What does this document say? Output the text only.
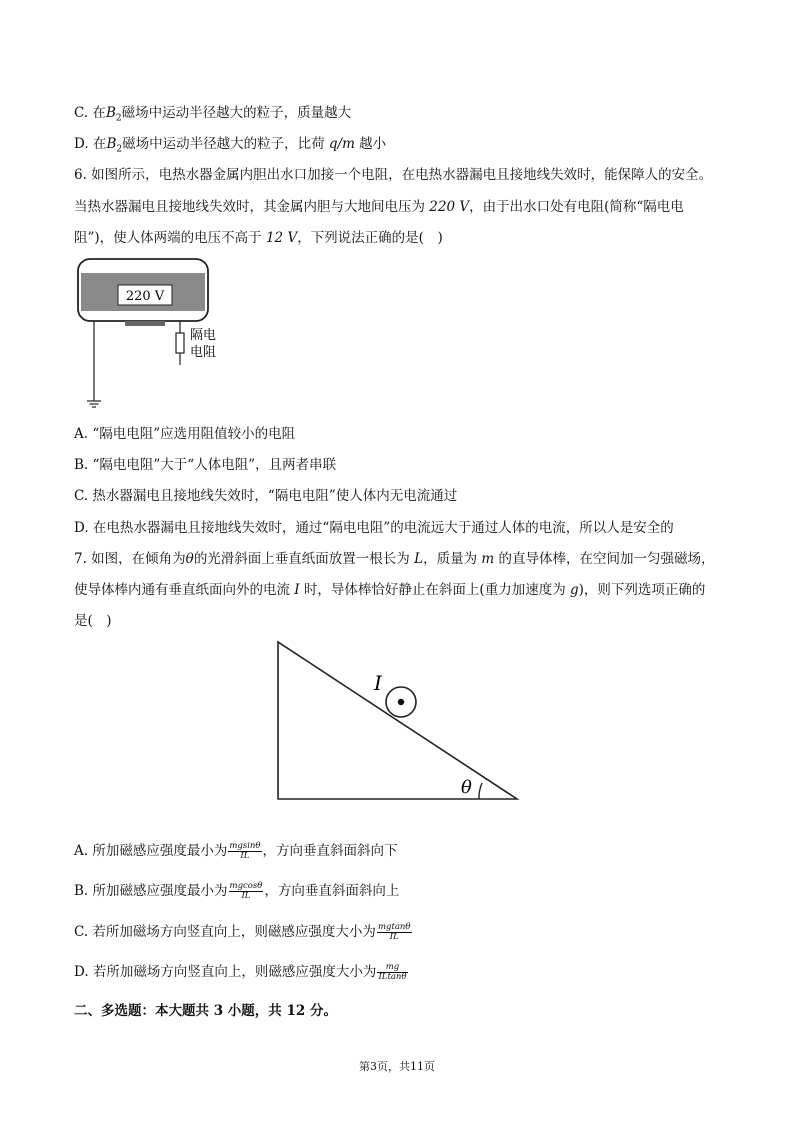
C. 在$B_2$磁场中运动半径越大的粒子，质量越大
D. 在$B_2$磁场中运动半径越大的粒子，比荷 q/m 越小
6. 如图所示，电热水器金属内胆出水口加接一个电阻，在电热水器漏电且接地线失效时，能保障人的安全。
当热水器漏电且接地线失效时，其金属内胆与大地间电压为 220 V，由于出水口处有电阻(简称“隔电电
阻”)，使人体两端的电压不高于 12 V，下列说法正确的是(　)
220 V
隔电
电阻
A. “隔电电阻”应选用阻值较小的电阻
B. “隔电电阻”大于“人体电阻”，且两者串联
C. 热水器漏电且接地线失效时，“隔电电阻”使人体内无电流通过
D. 在电热水器漏电且接地线失效时，通过“隔电电阻”的电流远大于通过人体的电流，所以人是安全的
7. 如图，在倾角为θ的光滑斜面上垂直纸面放置一根长为 L，质量为 m 的直导体棒，在空间加一匀强磁场，
使导体棒内通有垂直纸面向外的电流 I 时，导体棒恰好静止在斜面上(重力加速度为 g)，则下列选项正确的
是(　)
I
θ
A. 所加磁感应强度最小为 $\frac{mgsin\theta}{IL}$ ，方向垂直斜面斜向下
B. 所加磁感应强度最小为 $\frac{mgcos\theta}{IL}$ ，方向垂直斜面斜向上
C. 若所加磁场方向竖直向上，则磁感应强度大小为 $\frac{mgtan\theta}{IL}$
D. 若所加磁场方向竖直向上，则磁感应强度大小为 $\frac{mg}{ILtan\theta}$
二、多选题：本大题共 3 小题，共 12 分。
第3页，共11页
